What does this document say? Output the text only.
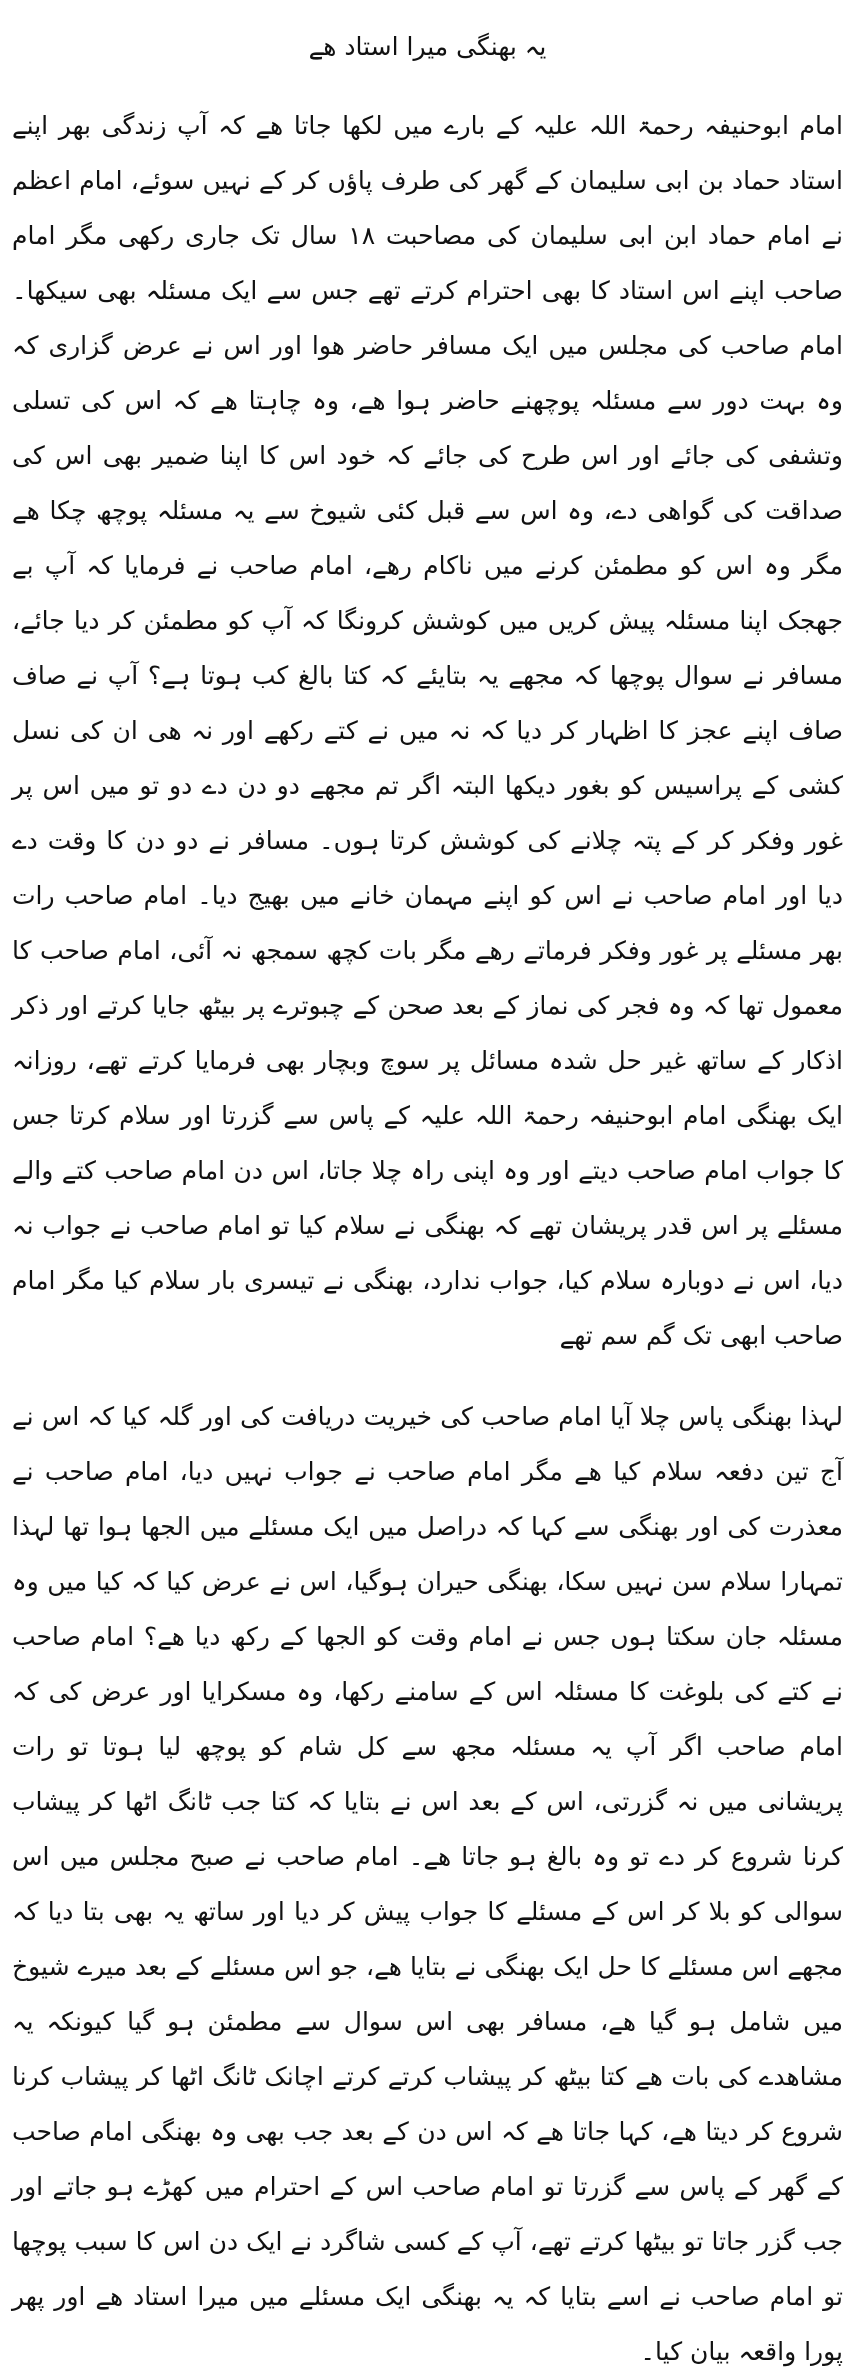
یہ بھنگی میرا استاد ھے

امام ابوحنیفہ رحمۃ اللہ علیہ کے بارے میں لکھا جاتا ھے کہ آپ زندگی بھر اپنے استاد حماد بن ابی سلیمان کے گھر کی طرف پاؤں کر کے نہیں سوئے، امام اعظم نے امام حماد ابن ابی سلیمان کی مصاحبت ۱۸ سال تک جاری رکھی مگر امام صاحب اپنے اس استاد کا بھی احترام کرتے تھے جس سے ایک مسئلہ بھی سیکھا۔ امام صاحب کی مجلس میں ایک مسافر حاضر ھوا اور اس نے عرض گزاری کہ وہ بہت دور سے مسئلہ پوچھنے حاضر ہوا ھے، وہ چاہتا ھے کہ اس کی تسلی وتشفی کی جائے اور اس طرح کی جائے کہ خود اس کا اپنا ضمیر بھی اس کی صداقت کی گواھی دے، وہ اس سے قبل کئی شیوخ سے یہ مسئلہ پوچھ چکا ھے مگر وہ اس کو مطمئن کرنے میں ناکام رھے، امام صاحب نے فرمایا کہ آپ بے جھجک اپنا مسئلہ پیش کریں میں کوشش کرونگا کہ آپ کو مطمئن کر دیا جائے، مسافر نے سوال پوچھا کہ مجھے یہ بتایئے کہ کتا بالغ کب ہوتا ہے؟ آپ نے صاف صاف اپنے عجز کا اظہار کر دیا کہ نہ میں نے کتے رکھے اور نہ ھی ان کی نسل کشی کے پراسیس کو بغور دیکھا البتہ اگر تم مجھے دو دن دے دو تو میں اس پر غور وفکر کر کے پتہ چلانے کی کوشش کرتا ہوں۔ مسافر نے دو دن کا وقت دے دیا اور امام صاحب نے اس کو اپنے مہمان خانے میں بھیج دیا۔ امام صاحب رات بھر مسئلے پر غور وفکر فرماتے رھے مگر بات کچھ سمجھ نہ آئی، امام صاحب کا معمول تھا کہ وہ فجر کی نماز کے بعد صحن کے چبوترے پر بیٹھ جایا کرتے اور ذکر اذکار کے ساتھ غیر حل شدہ مسائل پر سوچ وبچار بھی فرمایا کرتے تھے، روزانہ ایک بھنگی امام ابوحنیفہ رحمۃ اللہ علیہ کے پاس سے گزرتا اور سلام کرتا جس کا جواب امام صاحب دیتے اور وہ اپنی راہ چلا جاتا، اس دن امام صاحب کتے والے مسئلے پر اس قدر پریشان تھے کہ بھنگی نے سلام کیا تو امام صاحب نے جواب نہ دیا، اس نے دوبارہ سلام کیا، جواب ندارد، بھنگی نے تیسری بار سلام کیا مگر امام صاحب ابھی تک گم سم تھے

لہذا بھنگی پاس چلا آیا امام صاحب کی خیریت دریافت کی اور گلہ کیا کہ اس نے آج تین دفعہ سلام کیا ھے مگر امام صاحب نے جواب نہیں دیا، امام صاحب نے معذرت کی اور بھنگی سے کہا کہ دراصل میں ایک مسئلے میں الجھا ہوا تھا لہذا تمہارا سلام سن نہیں سکا، بھنگی حیران ہوگیا، اس نے عرض کیا کہ کیا میں وہ مسئلہ جان سکتا ہوں جس نے امام وقت کو الجھا کے رکھ دیا ھے؟ امام صاحب نے کتے کی بلوغت کا مسئلہ اس کے سامنے رکھا، وہ مسکرایا اور عرض کی کہ امام صاحب اگر آپ یہ مسئلہ مجھ سے کل شام کو پوچھ لیا ہوتا تو رات پریشانی میں نہ گزرتی، اس کے بعد اس نے بتایا کہ کتا جب ٹانگ اٹھا کر پیشاب کرنا شروع کر دے تو وہ بالغ ہو جاتا ھے۔ امام صاحب نے صبح مجلس میں اس سوالی کو بلا کر اس کے مسئلے کا جواب پیش کر دیا اور ساتھ یہ بھی بتا دیا کہ مجھے اس مسئلے کا حل ایک بھنگی نے بتایا ھے، جو اس مسئلے کے بعد میرے شیوخ میں شامل ہو گیا ھے، مسافر بھی اس سوال سے مطمئن ہو گیا کیونکہ یہ مشاھدے کی بات ھے کتا بیٹھ کر پیشاب کرتے کرتے اچانک ٹانگ اٹھا کر پیشاب کرنا شروع کر دیتا ھے، کہا جاتا ھے کہ اس دن کے بعد جب بھی وہ بھنگی امام صاحب کے گھر کے پاس سے گزرتا تو امام صاحب اس کے احترام میں کھڑے ہو جاتے اور جب گزر جاتا تو بیٹھا کرتے تھے، آپ کے کسی شاگرد نے ایک دن اس کا سبب پوچھا تو امام صاحب نے اسے بتایا کہ یہ بھنگی ایک مسئلے میں میرا استاد ھے اور پھر پورا واقعہ بیان کیا۔
